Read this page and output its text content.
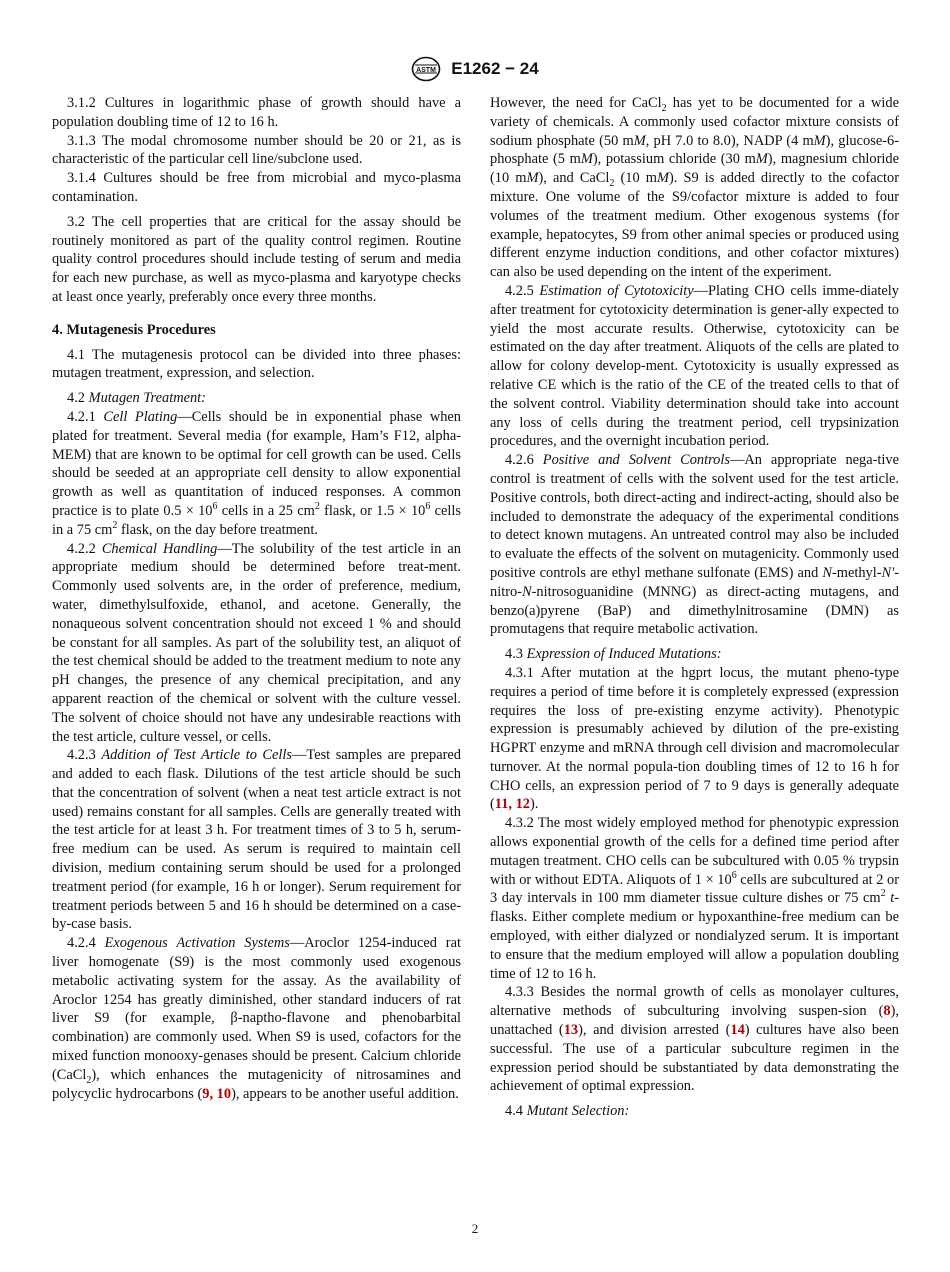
ASTM E1262 − 24

3.1.2 Cultures in logarithmic phase of growth should have a population doubling time of 12 to 16 h.

3.1.3 The modal chromosome number should be 20 or 21, as is characteristic of the particular cell line/subclone used.

3.1.4 Cultures should be free from microbial and myco-plasma contamination.

3.2 The cell properties that are critical for the assay should be routinely monitored as part of the quality control regimen. Routine quality control procedures should include testing of serum and media for each new purchase, as well as myco-plasma and karyotype checks at least once yearly, preferably once every three months.

4. Mutagenesis Procedures

4.1 The mutagenesis protocol can be divided into three phases: mutagen treatment, expression, and selection.

4.2 Mutagen Treatment:

4.2.1 Cell Plating—Cells should be in exponential phase when plated for treatment. Several media (for example, Ham’s F12, alpha-MEM) that are known to be optimal for cell growth can be used. Cells should be seeded at an appropriate cell density to allow exponential growth as well as quantitation of induced responses. A common practice is to plate $0.5 \times 10^6$ cells in a 25 $cm^2$ flask, or $1.5 \times 10^6$ cells in a 75 $cm^2$ flask, on the day before treatment.

4.2.2 Chemical Handling—The solubility of the test article in an appropriate medium should be determined before treat-ment. Commonly used solvents are, in the order of preference, medium, water, dimethylsulfoxide, ethanol, and acetone. Generally, the nonaqueous solvent concentration should not exceed 1 % and should be constant for all samples. As part of the solubility test, an aliquot of the test chemical should be added to the treatment medium to note any pH changes, the presence of any chemical precipitation, and any apparent reaction of the chemical or solvent with the culture vessel. The solvent of choice should not have any undesirable reactions with the test article, culture vessel, or cells.

4.2.3 Addition of Test Article to Cells—Test samples are prepared and added to each flask. Dilutions of the test article should be such that the concentration of solvent (when a neat test article extract is not used) remains constant for all samples. Cells are generally treated with the test article for at least 3 h. For treatment times of 3 to 5 h, serum-free medium can be used. As serum is required to maintain cell division, medium containing serum should be used for a prolonged treatment period (for example, 16 h or longer). Serum requirement for treatment periods between 5 and 16 h should be determined on a case-by-case basis.

4.2.4 Exogenous Activation Systems—Aroclor 1254-induced rat liver homogenate (S9) is the most commonly used exogenous metabolic activating system for the assay. As the availability of Aroclor 1254 has greatly diminished, other standard inducers of rat liver S9 (for example, β-naptho-flavone and phenobarbital combination) are commonly used. When S9 is used, cofactors for the mixed function monooxy-genases should be present. Calcium chloride (CaCl$_2$), which enhances the mutagenicity of nitrosamines and polycyclic hydrocarbons (9, 10), appears to be another useful addition.

However, the need for CaCl$_2$ has yet to be documented for a wide variety of chemicals. A commonly used cofactor mixture consists of sodium phosphate (50 mM, pH 7.0 to 8.0), NADP (4 mM), glucose-6-phosphate (5 mM), potassium chloride (30 mM), magnesium chloride (10 mM), and CaCl$_2$ (10 mM). S9 is added directly to the cofactor mixture. One volume of the S9/cofactor mixture is added to four volumes of the treatment medium. Other exogenous systems (for example, hepatocytes, S9 from other animal species or produced using different enzyme induction conditions, and other cofactor mixtures) can also be used depending on the intent of the experiment.

4.2.5 Estimation of Cytotoxicity—Plating CHO cells imme-diately after treatment for cytotoxicity determination is gener-ally expected to yield the most accurate results. Otherwise, cytotoxicity can be estimated on the day after treatment. Aliquots of the cells are plated to allow for colony develop-ment. Cytotoxicity is usually expressed as relative CE which is the ratio of the CE of the treated cells to that of the solvent control. Viability determination should take into account any loss of cells during the treatment period, cell trypsinization procedures, and the overnight incubation period.

4.2.6 Positive and Solvent Controls—An appropriate nega-tive control is treatment of cells with the solvent used for the test article. Positive controls, both direct-acting and indirect-acting, should also be included to demonstrate the adequacy of the experimental conditions to detect known mutagens. An untreated control may also be included to evaluate the effects of the solvent on mutagenicity. Commonly used positive controls are ethyl methane sulfonate (EMS) and N-methyl-N'-nitro-N-nitrosoguanidine (MNNG) as direct-acting mutagens, and benzo(a)pyrene (BaP) and dimethylnitrosamine (DMN) as promutagens that require metabolic activation.

4.3 Expression of Induced Mutations:

4.3.1 After mutation at the hgprt locus, the mutant pheno-type requires a period of time before it is completely expressed (expression requires the loss of pre-existing enzyme activity). Phenotypic expression is presumably achieved by dilution of the pre-existing HGPRT enzyme and mRNA through cell division and macromolecular turnover. At the normal popula-tion doubling times of 12 to 16 h for CHO cells, an expression period of 7 to 9 days is generally adequate (11, 12).

4.3.2 The most widely employed method for phenotypic expression allows exponential growth of the cells for a defined time period after mutagen treatment. CHO cells can be subcultured with 0.05 % trypsin with or without EDTA. Aliquots of $1 \times 10^6$ cells are subcultured at 2 or 3 day intervals in 100 mm diameter tissue culture dishes or 75 $cm^2$ t-flasks. Either complete medium or hypoxanthine-free medium can be employed, with either dialyzed or nondialyzed serum. It is important to ensure that the medium employed will allow a population doubling time of 12 to 16 h.

4.3.3 Besides the normal growth of cells as monolayer cultures, alternative methods of subculturing involving suspen-sion (8), unattached (13), and division arrested (14) cultures have also been successful. The use of a particular subculture regimen in the expression period should be substantiated by data demonstrating the achievement of optimal expression.

4.4 Mutant Selection:

2
